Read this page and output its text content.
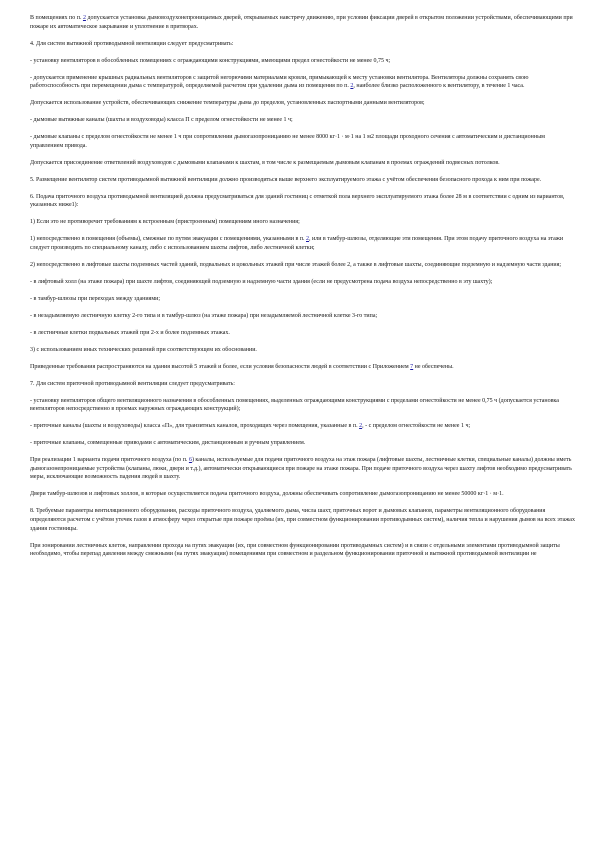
В помещениях по п. 2 допускается установка дымовоздухонепроницаемых дверей, открываемых навстречу движению, при условии фиксации дверей в открытом положении устройствами, обеспечивающими при пожаре их автоматическое закрывание и уплотнение в притворах.

4. Для систем вытяжной противодымной вентиляции следует предусматривать:

- установку вентиляторов в обособленных помещениях с ограждающими конструкциями, имеющими предел огнестойкости не менее 0,75 ч;

- допускается применение крышных радиальных вентиляторов с защитой негорючими материалами кровли, примыкающей к месту установки вентилятора. Вентиляторы должны сохранять свою работоспособность при перемещении дыма с температурой, определяемой расчетом при удалении дыма из помещения по п. 2, наиболее близко расположенного к вентилятору, в течение 1 часа.

Допускается использование устройств, обеспечивающих снижение температуры дыма до пределов, установленных паспортными данными вентиляторов;

- дымовые вытяжные каналы (шахты и воздуховоды) класса П с пределом огнестойкости не менее 1 ч;

- дымовые клапаны с пределом огнестойкости не менее 1 ч при сопротивлении дымогазопроницанию не менее 8000 кг·1 · м·1 на 1 м2 площади проходного сечения с автоматическим и дистанционным управлением привода.

Допускается присоединение ответвлений воздуховодов с дымовыми клапанами к шахтам, в том числе к размещаемым дымовым клапанам в проемах ограждений подвесных потолков.

5. Размещение вентилятор систем противодымной вытяжной вентиляции должно производиться выше верхнего эксплуатируемого этажа с учётом обеспечения безопасного прохода к ним при пожаре.

6. Подача приточного воздуха противодымной вентиляцией должна предусматриваться для зданий гостиниц с отметкой пола верхнего эксплуатируемого этажа более 28 м в соответствии с одним из вариантов, указанных ниже1):

1) Если это не противоречит требованиям к встроенным (пристроенным) помещениям иного назначения;

1) непосредственно в помещения (объемы), смежные по путям эвакуации с помещениями, указанными в п. 2, или в тамбур-шлюзы, отделяющие эти помещения. При этом подачу приточного воздуха на этажи следует производить по специальному каналу, либо с использованием шахты лифтов, либо лестничной клетки;

2) непосредственно в лифтовые шахты подземных частей зданий, подвальных и цокольных этажей при числе этажей более 2, а также в лифтовые шахты, соединяющие подземную и надземную части здания;

- в лифтовый холл (на этаже пожара) при шахте лифтов, соединяющей подземную и надземную части здания (если не предусмотрена подача воздуха непосредственно в эту шахту);

- в тамбур-шлюзы при переходах между зданиями;

- в незадымляемую лестничную клетку 2-го типа и в тамбур-шлюз (на этаже пожара) при незадымляемой лестничной клетке 3-го типа;

- в лестничные клетки подвальных этажей при 2-х и более подземных этажах.

3) с использованием иных технических решений при соответствующем их обосновании.

Приведенные требования распространяются на здания высотой 5 этажей и более, если условия безопасности людей в соответствии с Приложением 7 не обеспечены.

7. Для систем приточной противодымной вентиляции следует предусматривать:

- установку вентиляторов общего вентиляционного назначения в обособленных помещениях, выделенных ограждающими конструкциями с пределами огнестойкости не менее 0,75 ч (допускается установка вентиляторов непосредственно в проемах наружных ограждающих конструкций);

- приточные каналы (шахты и воздуховоды) класса «П», для транзитных каналов, проходящих через помещения, указанные в п. 2, - с пределом огнестойкости не менее 1 ч;

- приточные клапаны, совмещенные приводами с автоматическим, дистанционным и ручным управлением.

При реализации 1 варианта подачи приточного воздуха (по п. 6) каналы, используемые для подачи приточного воздуха на этаж пожара (лифтовые шахты, лестничные клетки, специальные каналы) должны иметь дымогазонепроницаемые устройства (клапаны, люки, двери и т.д.), автоматически открывающиеся при пожаре на этаже пожара. При подаче приточного воздуха через шахту лифтов необходимо предусматривать меры, исключающие возможность падения людей в шахту.

Двери тамбур-шлюзов и лифтовых холлов, в которые осуществляется подача приточного воздуха, должны обеспечивать сопротивление дымогазопроницанию не менее 50000 кг·1 · м·1.

8. Требуемые параметры вентиляционного оборудования, расходы приточного воздуха, удаляемого дыма, числа шахт, приточных ворот и дымовых клапанов, параметры вентиляционного оборудования определяются расчетом с учётом утечек газов в атмосферу через открытые при пожаре проёмы (их, при совместном функционировании противодымных систем), наличия тепла и нарушения дымов на всех этажах здания гостиницы.

При зонировании лестничных клеток, направлении прохода на путях эвакуации (их, при совместном функционировании противодымных систем) и в связи с отдельными элементами противодымной защиты необходимо, чтобы перепад давления между смежными (на путях эвакуации) помещениями при совместном и раздельном функционировании приточной и вытяжной противодымной вентиляции не
